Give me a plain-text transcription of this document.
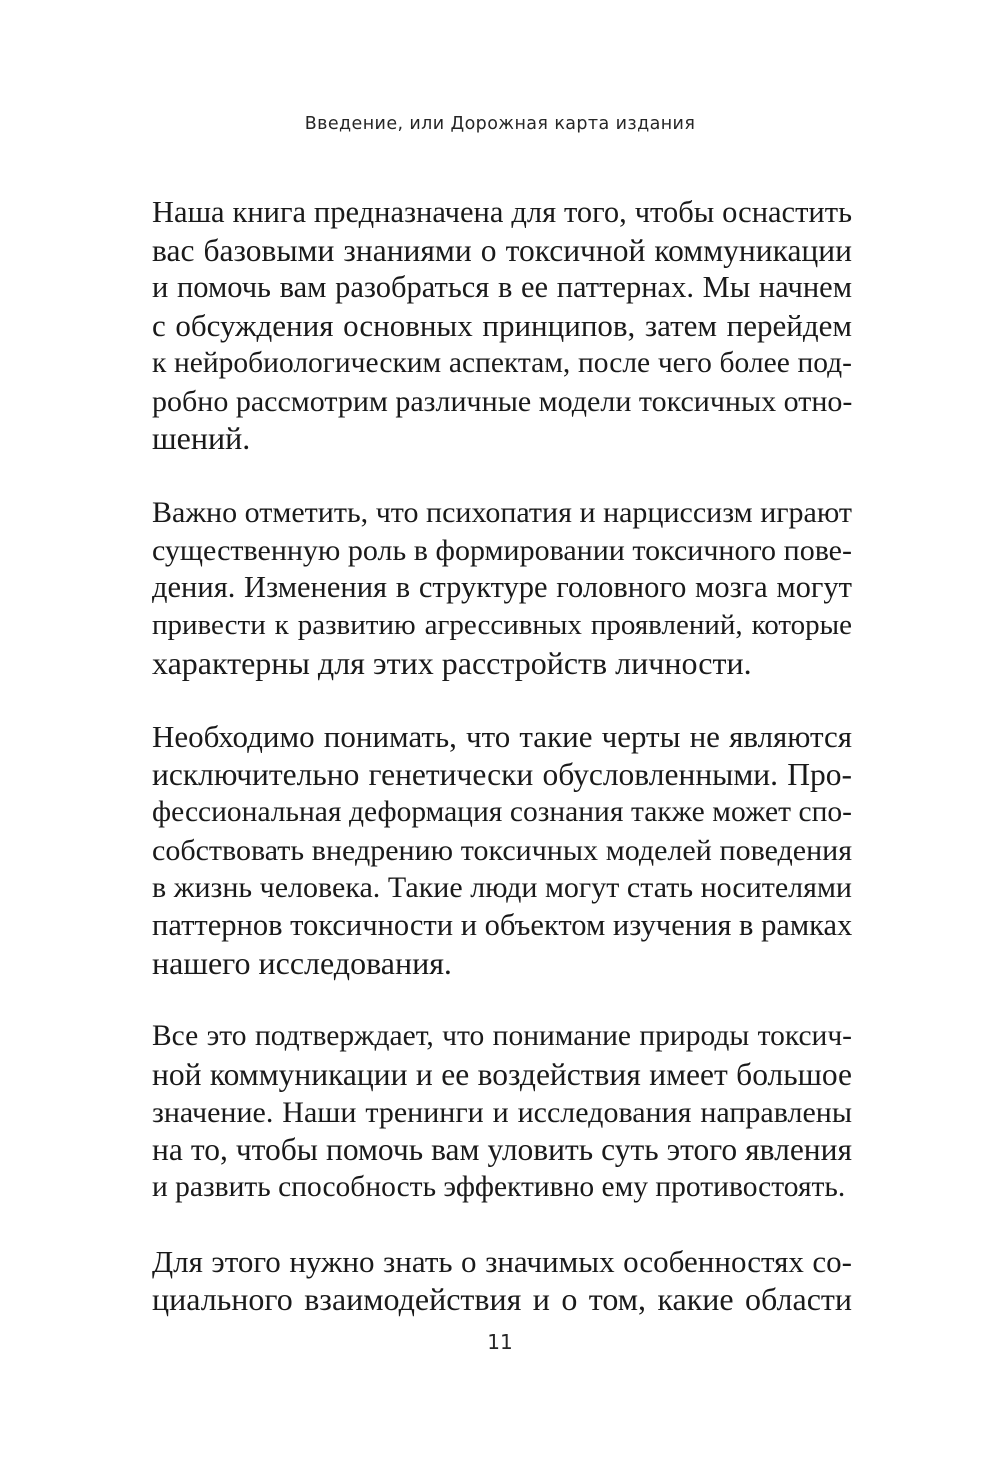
Введение, или Дорожная карта издания

Наша книга предназначена для того, чтобы оснастить
вас базовыми знаниями о токсичной коммуникации
и помочь вам разобраться в ее паттернах. Мы начнем
с обсуждения основных принципов, затем перейдем
к нейробиологическим аспектам, после чего более под-
робно рассмотрим различные модели токсичных отно-
шений.

Важно отметить, что психопатия и нарциссизм играют
существенную роль в формировании токсичного пове-
дения. Изменения в структуре головного мозга могут
привести к развитию агрессивных проявлений, которые
характерны для этих расстройств личности.

Необходимо понимать, что такие черты не являются
исключительно генетически обусловленными. Про-
фессиональная деформация сознания также может спо-
собствовать внедрению токсичных моделей поведения
в жизнь человека. Такие люди могут стать носителями
паттернов токсичности и объектом изучения в рамках
нашего исследования.

Все это подтверждает, что понимание природы токсич-
ной коммуникации и ее воздействия имеет большое
значение. Наши тренинги и исследования направлены
на то, чтобы помочь вам уловить суть этого явления
и развить способность эффективно ему противостоять.

Для этого нужно знать о значимых особенностях со-
циального взаимодействия и о том, какие области

11
